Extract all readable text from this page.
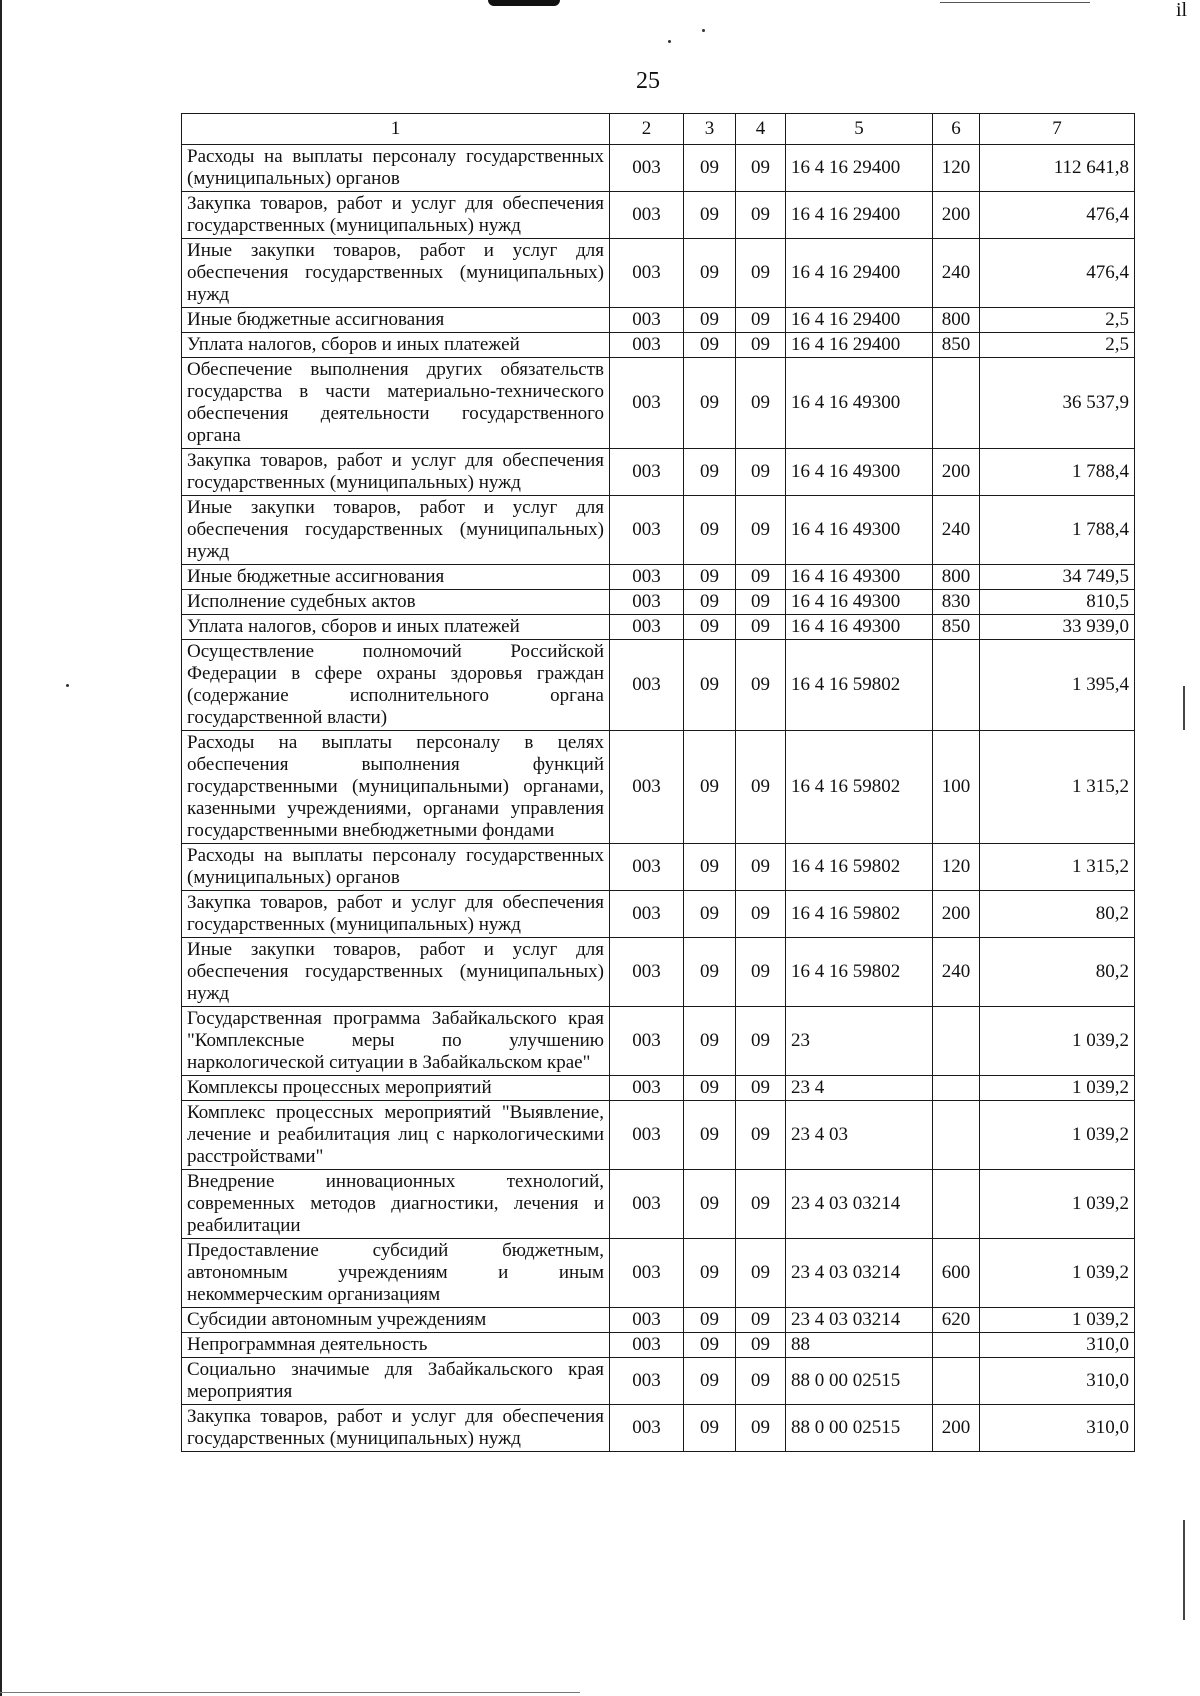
il
25
1	2	3	4	5	6	7
Расходы на выплаты персоналу государственных (муниципальных) органов	003	09	09	16 4 16 29400	120	112 641,8
Закупка товаров, работ и услуг для обеспечения государственных (муниципальных) нужд	003	09	09	16 4 16 29400	200	476,4
Иные закупки товаров, работ и услуг для обеспечения государственных (муниципальных) нужд	003	09	09	16 4 16 29400	240	476,4
Иные бюджетные ассигнования	003	09	09	16 4 16 29400	800	2,5
Уплата налогов, сборов и иных платежей	003	09	09	16 4 16 29400	850	2,5
Обеспечение выполнения других обязательств государства в части материально-технического обеспечения деятельности государственного органа	003	09	09	16 4 16 49300		36 537,9
Закупка товаров, работ и услуг для обеспечения государственных (муниципальных) нужд	003	09	09	16 4 16 49300	200	1 788,4
Иные закупки товаров, работ и услуг для обеспечения государственных (муниципальных) нужд	003	09	09	16 4 16 49300	240	1 788,4
Иные бюджетные ассигнования	003	09	09	16 4 16 49300	800	34 749,5
Исполнение судебных актов	003	09	09	16 4 16 49300	830	810,5
Уплата налогов, сборов и иных платежей	003	09	09	16 4 16 49300	850	33 939,0
Осуществление полномочий Российской Федерации в сфере охраны здоровья граждан (содержание исполнительного органа государственной власти)	003	09	09	16 4 16 59802		1 395,4
Расходы на выплаты персоналу в целях обеспечения выполнения функций государственными (муниципальными) органами, казенными учреждениями, органами управления государственными внебюджетными фондами	003	09	09	16 4 16 59802	100	1 315,2
Расходы на выплаты персоналу государственных (муниципальных) органов	003	09	09	16 4 16 59802	120	1 315,2
Закупка товаров, работ и услуг для обеспечения государственных (муниципальных) нужд	003	09	09	16 4 16 59802	200	80,2
Иные закупки товаров, работ и услуг для обеспечения государственных (муниципальных) нужд	003	09	09	16 4 16 59802	240	80,2
Государственная программа Забайкальского края "Комплексные меры по улучшению наркологической ситуации в Забайкальском крае"	003	09	09	23		1 039,2
Комплексы процессных мероприятий	003	09	09	23 4		1 039,2
Комплекс процессных мероприятий "Выявление, лечение и реабилитация лиц с наркологическими расстройствами"	003	09	09	23 4 03		1 039,2
Внедрение инновационных технологий, современных методов диагностики, лечения и реабилитации	003	09	09	23 4 03 03214		1 039,2
Предоставление субсидий бюджетным, автономным учреждениям и иным некоммерческим организациям	003	09	09	23 4 03 03214	600	1 039,2
Субсидии автономным учреждениям	003	09	09	23 4 03 03214	620	1 039,2
Непрограммная деятельность	003	09	09	88		310,0
Социально значимые для Забайкальского края мероприятия	003	09	09	88 0 00 02515		310,0
Закупка товаров, работ и услуг для обеспечения государственных (муниципальных) нужд	003	09	09	88 0 00 02515	200	310,0
